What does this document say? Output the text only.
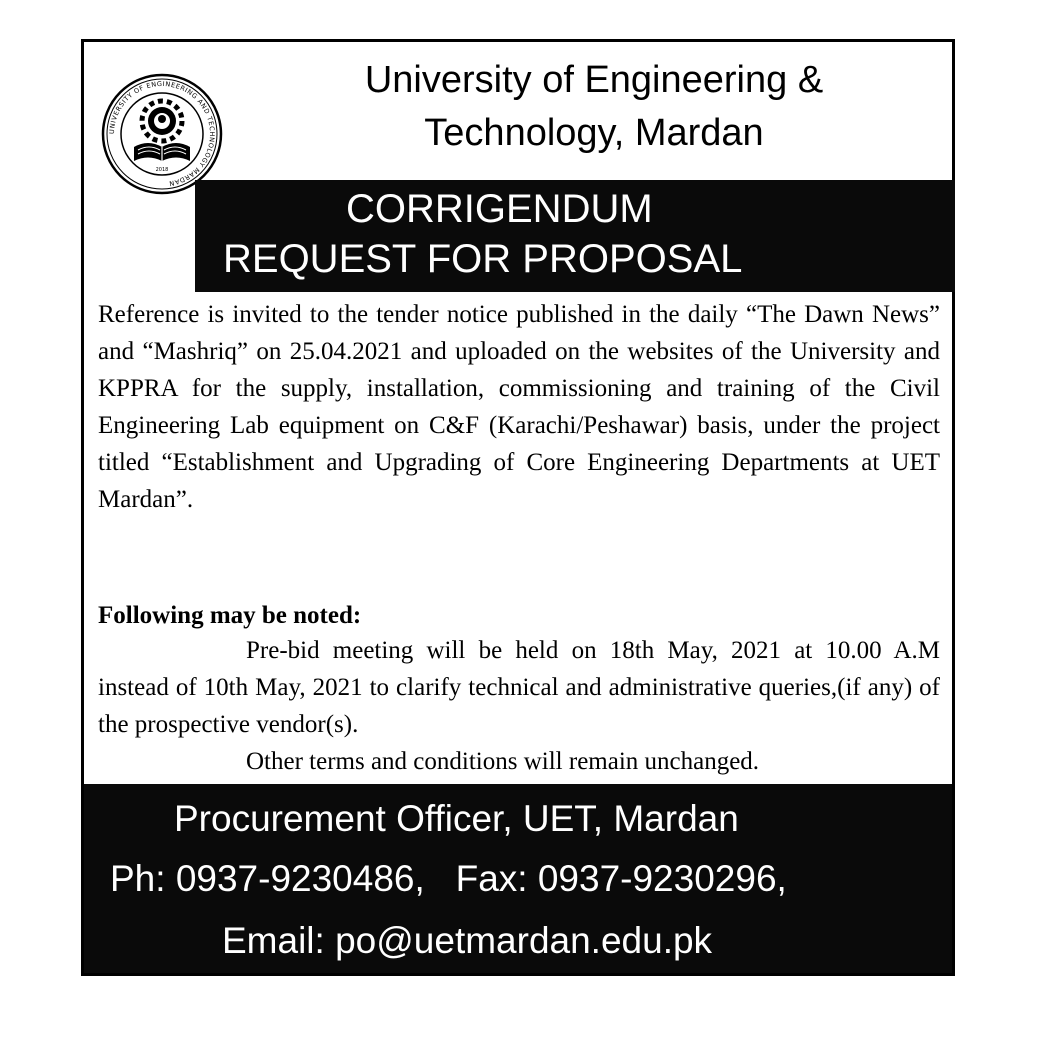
UNIVERSITY OF ENGINEERING AND TECHNOLOGY MARDAN
2018
University of Engineering &
Technology, Mardan
CORRIGENDUM
REQUEST FOR PROPOSAL

Reference is invited to the tender notice published in the daily “The Dawn News” and “Mashriq” on 25.04.2021 and uploaded on the websites of the University and KPPRA for the supply, installation, commissioning and training of the Civil Engineering Lab equipment on C&F (Karachi/Peshawar) basis, under the project titled “Establishment and Upgrading of Core Engineering Departments at UET Mardan”.

Following may be noted:

Pre-bid meeting will be held on 18th May, 2021 at 10.00 A.M instead of 10th May, 2021 to clarify technical and administrative queries,(if any) of the prospective vendor(s).

Other terms and conditions will remain unchanged.

Procurement Officer, UET, Mardan
Ph: 0937-9230486,   Fax: 0937-9230296,
Email: po@uetmardan.edu.pk
